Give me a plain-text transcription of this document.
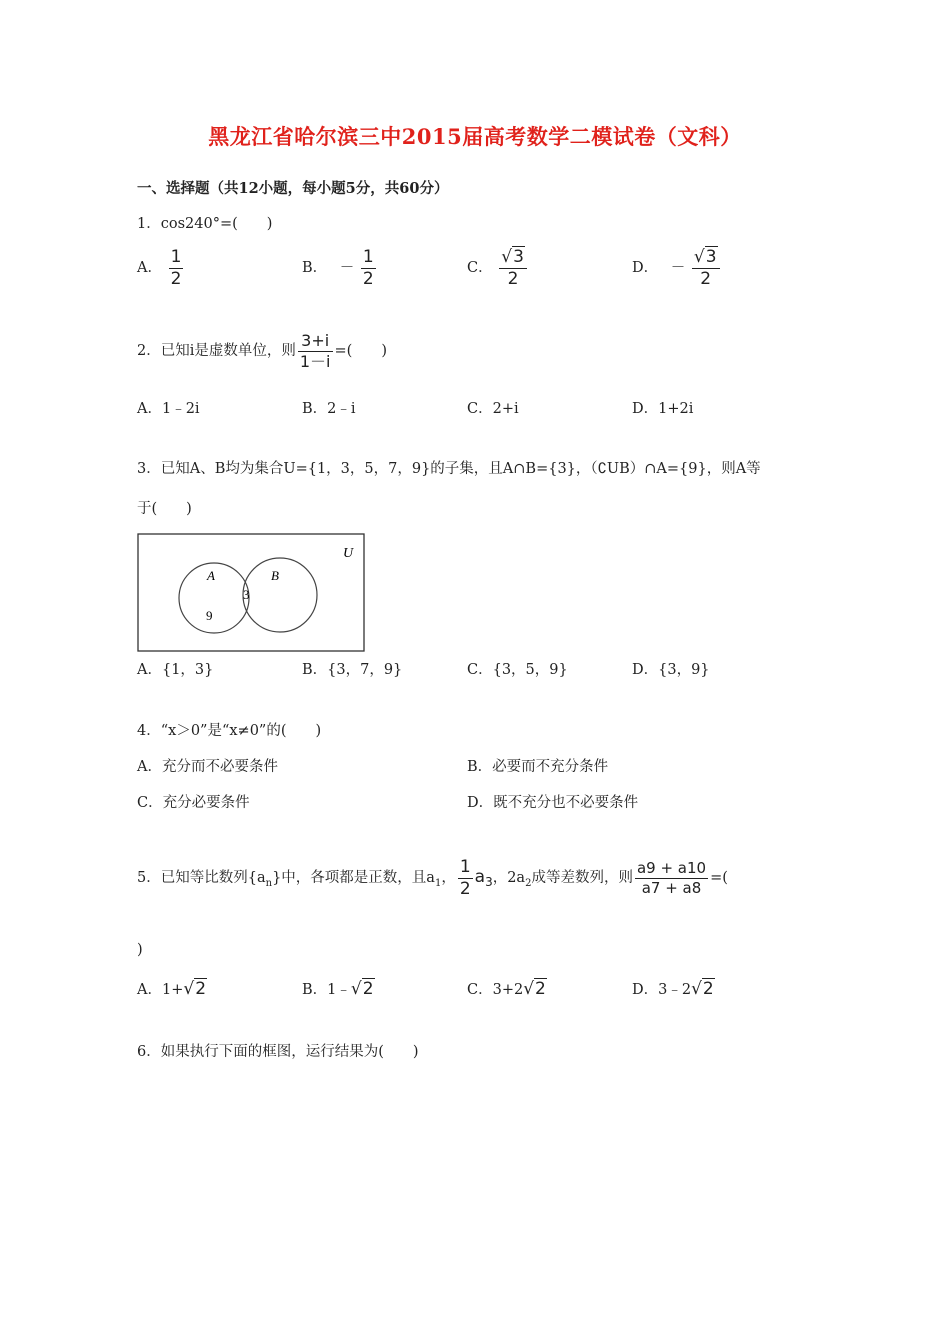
黑龙江省哈尔滨三中2015届高考数学二模试卷（文科）
一、选择题（共12小题，每小题5分，共60分）
1．cos240°=(　　)
A． $\frac{1}{2}$	B． － $\frac{1}{2}$	C． $\frac{√3}{2}$	D． － $\frac{√3}{2}$
2．已知i是虚数单位，则 $\frac{3+i}{1-i}$ =(　　)
A．1﹣2i	B．2﹣i	C．2+i	D．1+2i
3．已知A、B均为集合U={1，3，5，7，9}的子集，且A∩B={3}，（∁UB）∩A={9}，则A等
于(　　)
U
A	B
3
9
A．{1，3}	B．{3，7，9}	C．{3，5，9}	D．{3，9}
4．“x＞0”是“x≠0”的(　　)
A．充分而不必要条件	B．必要而不充分条件
C．充分必要条件	D．既不充分也不必要条件
5．已知等比数列$\{a_n\}$中，各项都是正数，且$a_1$， $\frac{1}{2} a_3$，$2a_2$成等差数列，则 $\frac{a9 + a10}{a7 + a8}$ =(
)
A．1+√2	B．1﹣√2	C．3+2√2	D．3﹣2√2
6．如果执行下面的框图，运行结果为(　　)
